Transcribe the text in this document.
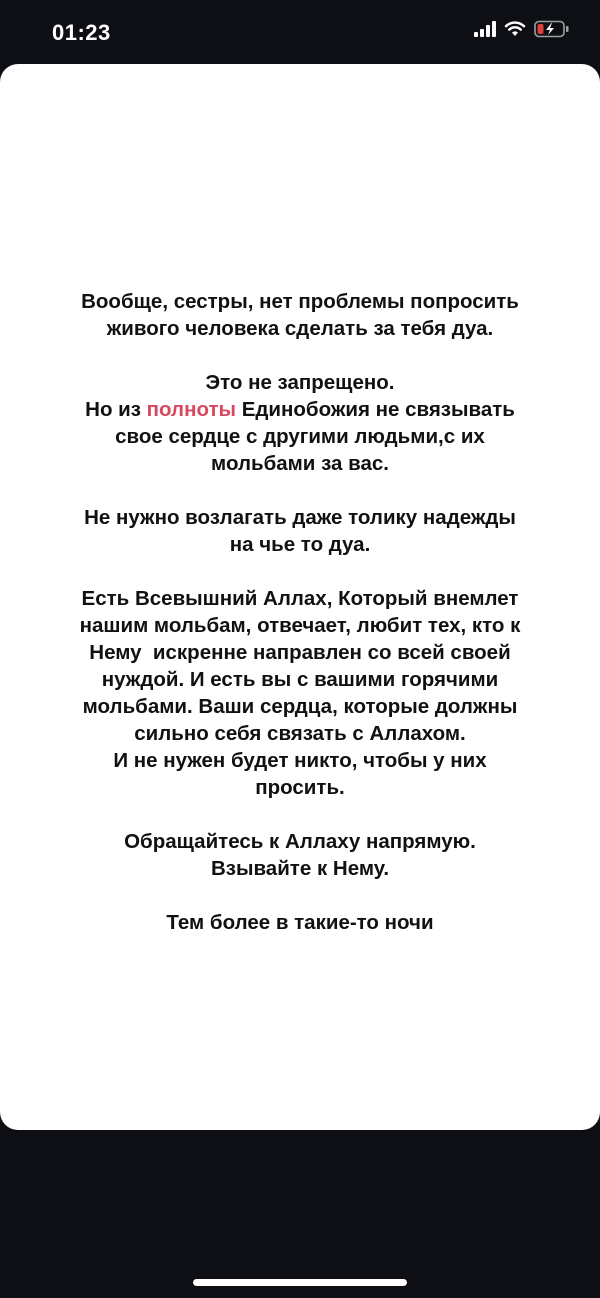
01:23

Вообще, сестры, нет проблемы попросить
живого человека сделать за тебя дуа.

Это не запрещено.
Но из полноты Единобожия не связывать
свое сердце с другими людьми,с их
мольбами за вас.

Не нужно возлагать даже толику надежды
на чье то дуа.

Есть Всевышний Аллах, Который внемлет
нашим мольбам, отвечает, любит тех, кто к
Нему  искренне направлен со всей своей
нуждой. И есть вы с вашими горячими
мольбами. Ваши сердца, которые должны
сильно себя связать с Аллахом.
И не нужен будет никто, чтобы у них
просить.

Обращайтесь к Аллаху напрямую.
Взывайте к Нему.

Тем более в такие-то ночи
